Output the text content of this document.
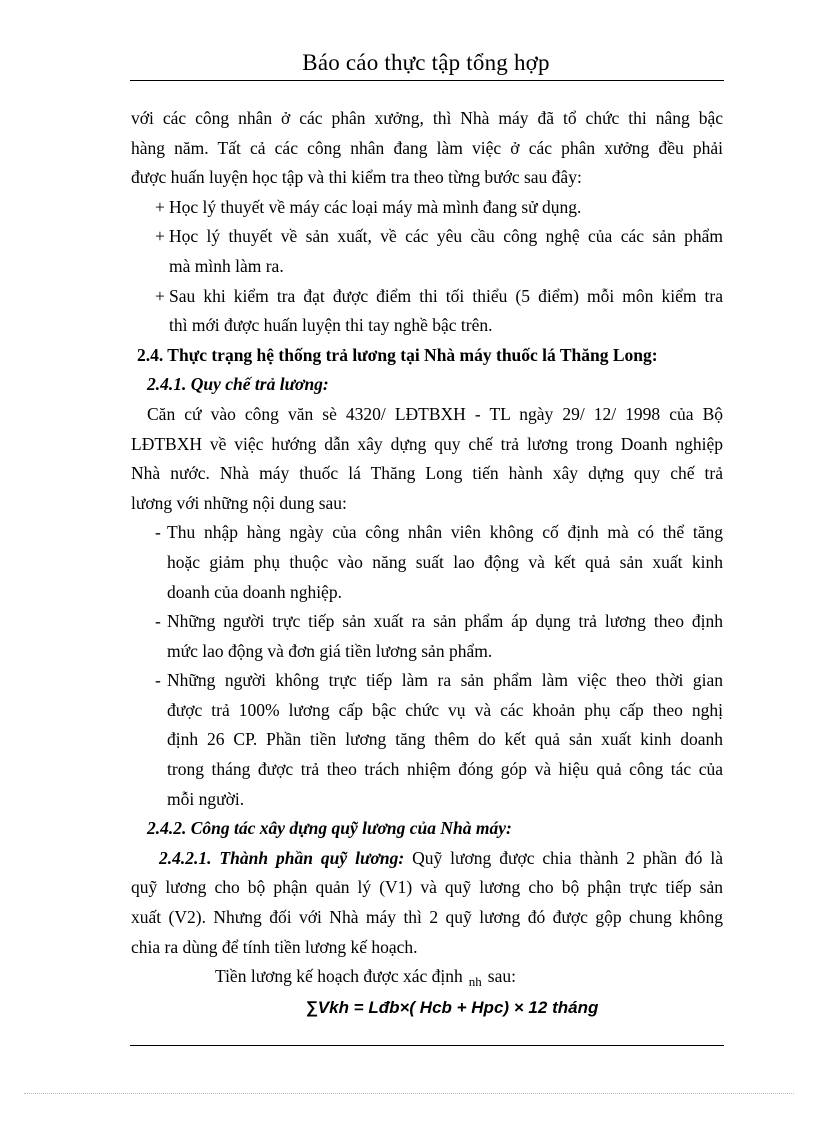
Báo cáo thực tập tổng hợp

với các công nhân ở các phân xưởng, thì Nhà máy đã tổ chức thi nâng bậc

hàng năm. Tất cả các công nhân đang làm việc ở các phân xưởng đều phải

được huấn luyện học tập và thi kiểm tra theo từng bước sau đây:

+ Học lý thuyết về máy các loại máy mà mình đang sử dụng.

+ Học lý thuyết về sản xuất, về các yêu cầu công nghệ của các sản phẩm

mà mình làm ra.

+ Sau khi kiểm tra đạt được điểm thi tối thiểu (5 điểm) mỗi môn kiểm tra

thì mới được huấn luyện thi tay nghề bậc trên.

2.4. Thực trạng hệ thống trả lương tại Nhà máy thuốc lá Thăng Long:

2.4.1. Quy chế trả lương:

Căn cứ vào công văn sè 4320/ LĐTBXH - TL ngày 29/ 12/ 1998 của Bộ

LĐTBXH về việc hướng dẫn xây dựng quy chế trả lương trong Doanh nghiệp

Nhà nước. Nhà máy thuốc lá Thăng Long tiến hành xây dựng quy chế trả

lương với những nội dung sau:

- Thu nhập hàng ngày của công nhân viên không cố định mà có thể tăng

hoặc giảm phụ thuộc vào năng suất lao động và kết quả sản xuất kinh

doanh của doanh nghiệp.

- Những người trực tiếp sản xuất ra sản phẩm áp dụng trả lương theo định

mức lao động và đơn giá tiền lương sản phẩm.

- Những người không trực tiếp làm ra sản phẩm làm việc theo thời gian

được trả 100% lương cấp bậc chức vụ và các khoản phụ cấp theo nghị

định 26 CP. Phần tiền lương tăng thêm do kết quả sản xuất kinh doanh

trong tháng được trả theo trách nhiệm đóng góp và hiệu quả công tác của

mỗi người.

2.4.2. Công tác xây dựng quỹ lương của Nhà máy:

2.4.2.1. Thành phần quỹ lương: Quỹ lương được chia thành 2 phần đó là

quỹ lương cho bộ phận quản lý (V1) và quỹ lương cho bộ phận trực tiếp sản

xuất (V2). Nhưng đối với Nhà máy thì 2 quỹ lương đó được gộp chung không

chia ra dùng để tính tiền lương kế hoạch.

Tiền lương kế hoạch được xác định $_{nh}$ sau:

∑Vkh = Lđb×( Hcb + Hpc) × 12 tháng
